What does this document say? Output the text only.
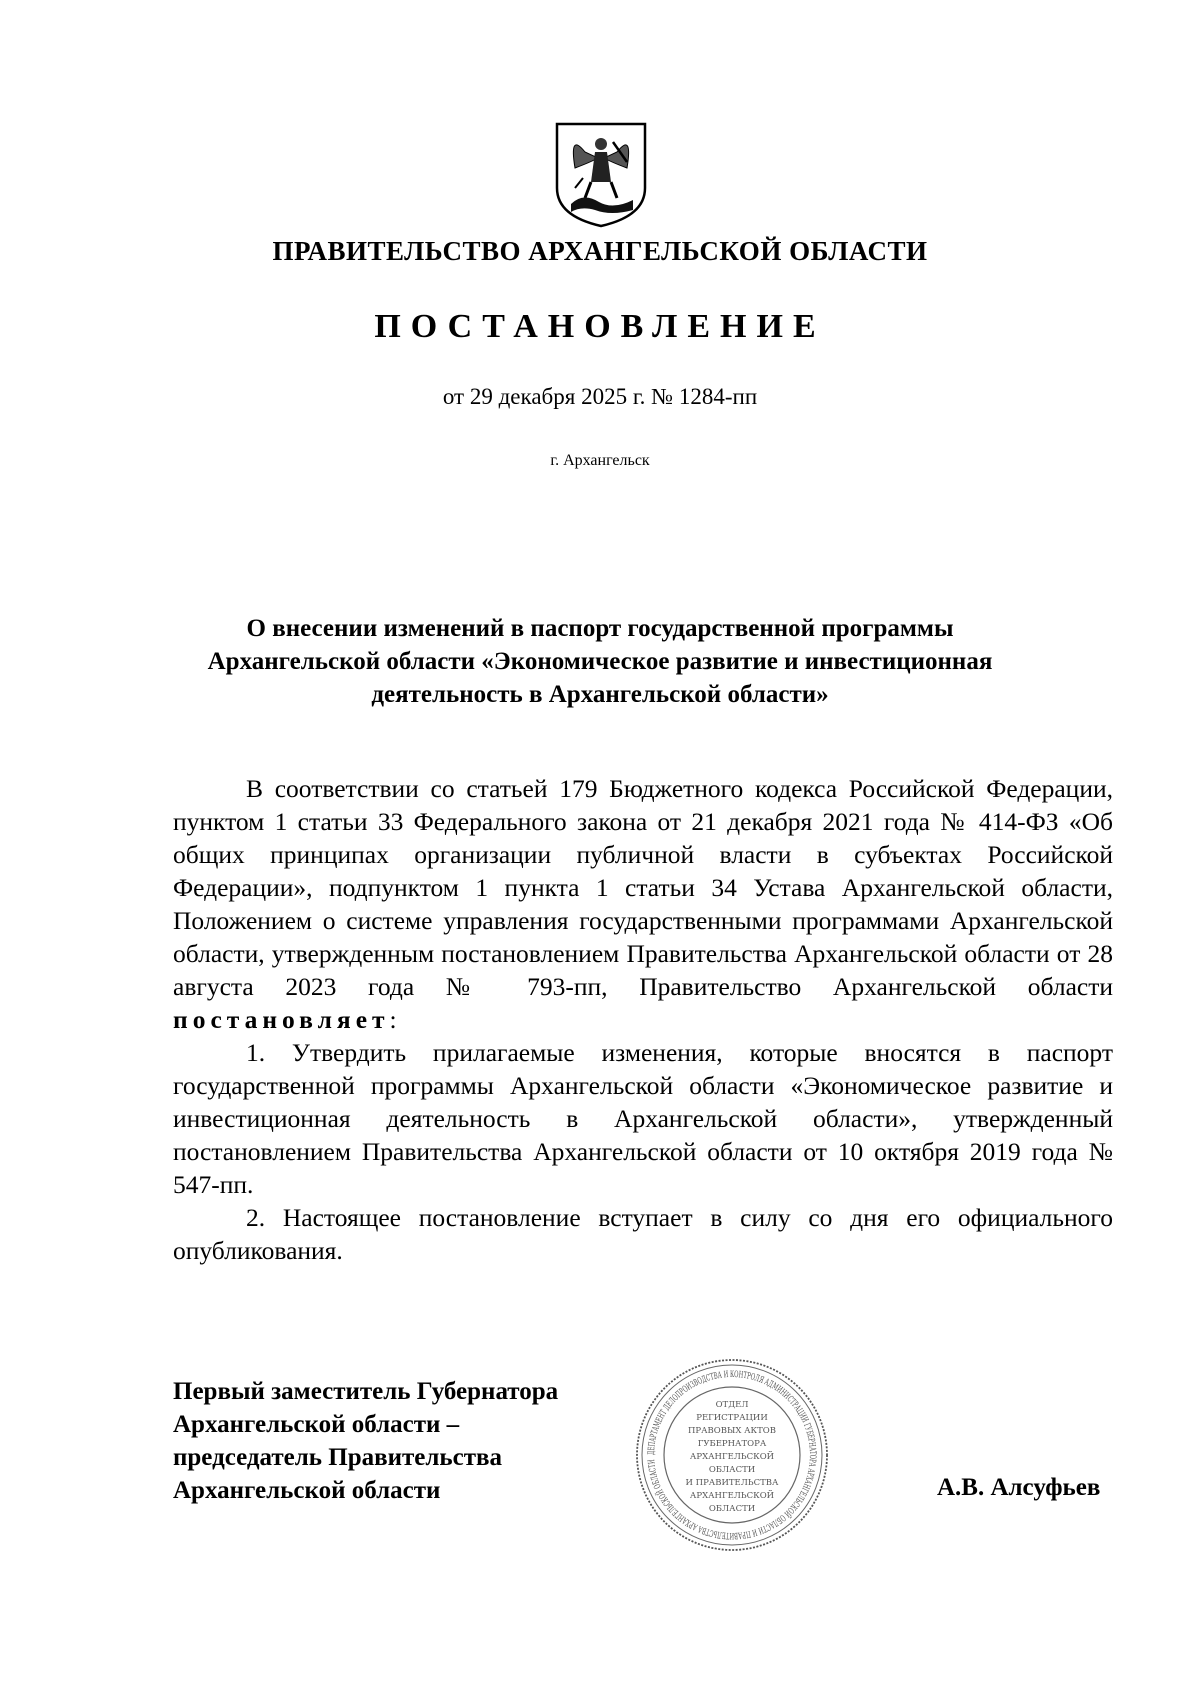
ПРАВИТЕЛЬСТВО АРХАНГЕЛЬСКОЙ ОБЛАСТИ
ПОСТАНОВЛЕНИЕ
от 29 декабря 2025 г. № 1284-пп
г. Архангельск
О внесении изменений в паспорт государственной программы
Архангельской области «Экономическое развитие и инвестиционная
деятельность в Архангельской области»

В соответствии со статьей 179 Бюджетного кодекса Российской Федерации, пунктом 1 статьи 33 Федерального закона от 21 декабря 2021 года № 414-ФЗ «Об общих принципах организации публичной власти в субъектах Российской Федерации», подпунктом 1 пункта 1 статьи 34 Устава Архангельской области, Положением о системе управления государственными программами Архангельской области, утвержденным постановлением Правительства Архангельской области от 28 августа 2023 года № 793-пп, Правительство Архангельской области постановляет:

1. Утвердить прилагаемые изменения, которые вносятся в паспорт государственной программы Архангельской области «Экономическое развитие и инвестиционная деятельность в Архангельской области», утвержденный постановлением Правительства Архангельской области от 10 октября 2019 года № 547-пп.

2. Настоящее постановление вступает в силу со дня его официального опубликования.

Первый заместитель Губернатора
Архангельской области –
председатель Правительства
Архангельской области
ДЕПАРТАМЕНТ ДЕЛОПРОИЗВОДСТВА И КОНТРОЛЯ АДМИНИСТРАЦИИ ГУБЕРНАТОРА АРХАНГЕЛЬСКОЙ ОБЛАСТИ И ПРАВИТЕЛЬСТВА АРХАНГЕЛЬСКОЙ ОБЛАСТИ
ОТДЕЛ
РЕГИСТРАЦИИ
ПРАВОВЫХ АКТОВ
ГУБЕРНАТОРА
АРХАНГЕЛЬСКОЙ
ОБЛАСТИ
И ПРАВИТЕЛЬСТВА
АРХАНГЕЛЬСКОЙ
ОБЛАСТИ
А.В. Алсуфьев
